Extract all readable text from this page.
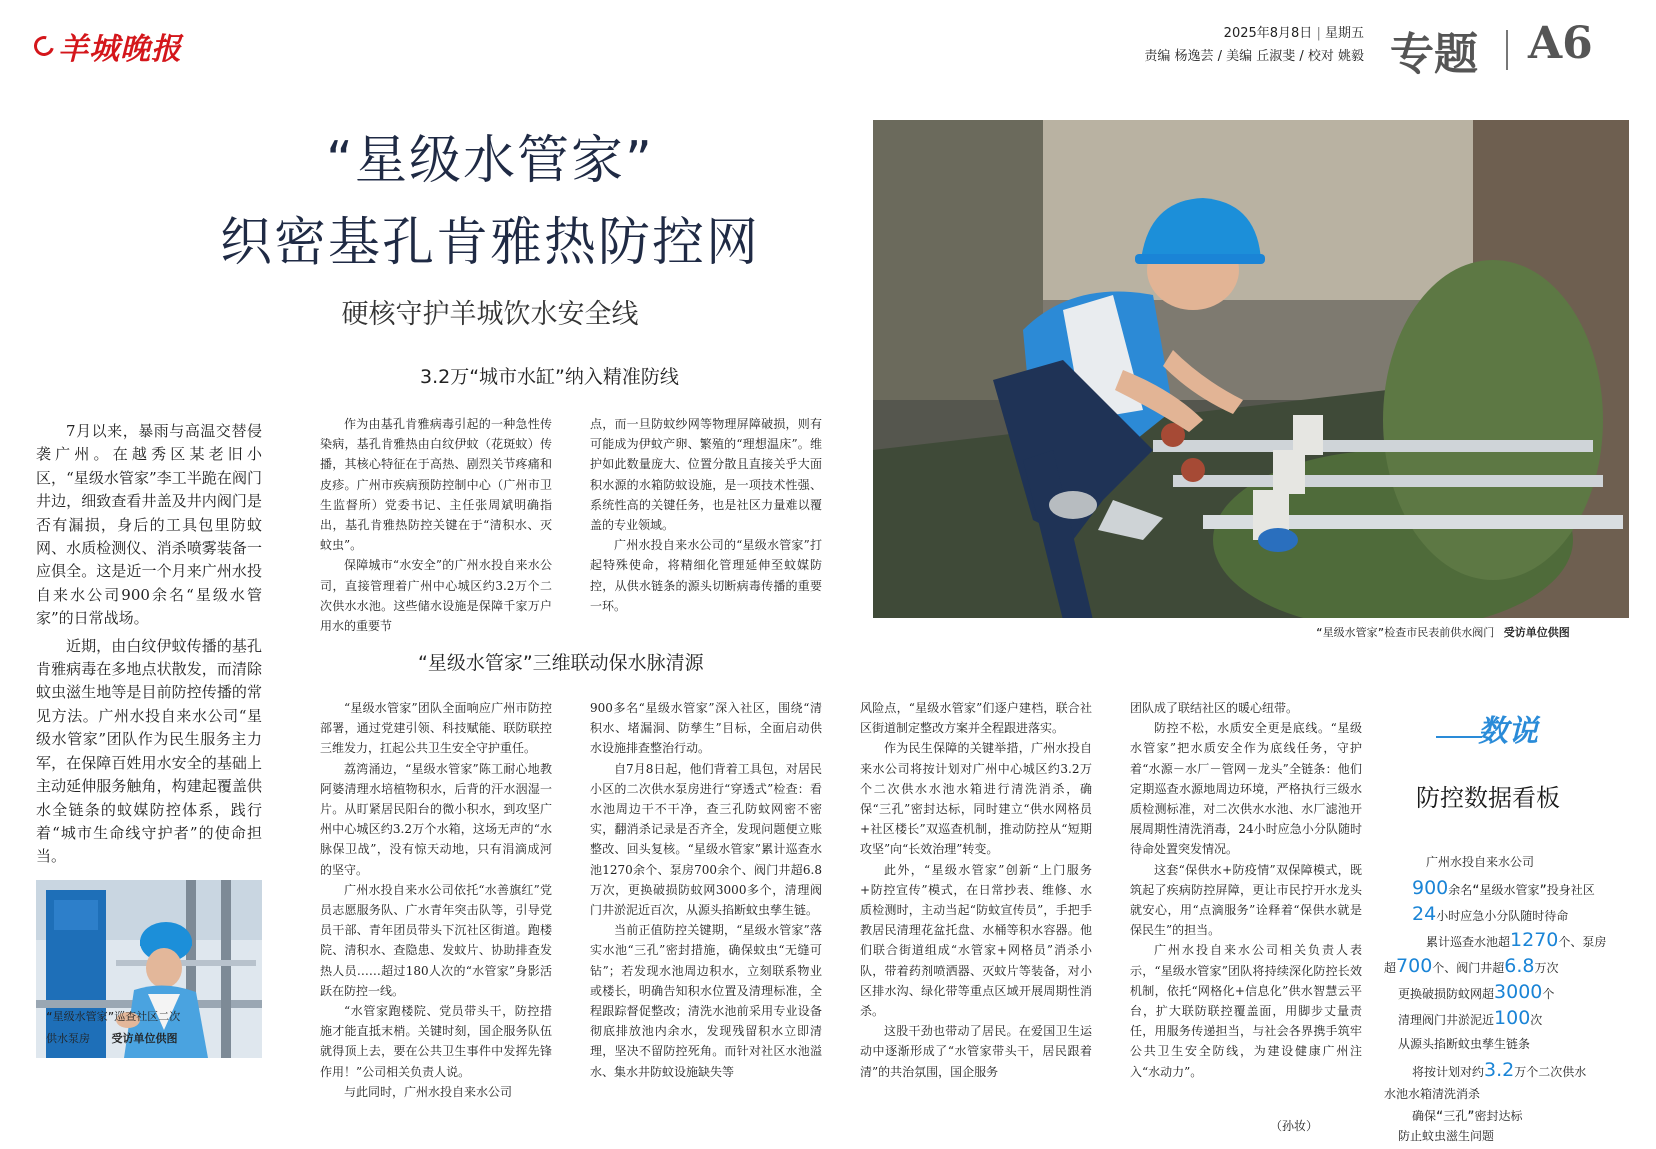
羊城晚报	2025年8月8日 | 星期五
责编 杨逸芸 / 美编 丘淑斐 / 校对 姚毅 专题 A6
“星级水管家”
织密基孔肯雅热防控网
硬核守护羊城饮水安全线
3.2万“城市水缸”纳入精准防线

7月以来，暴雨与高温交替侵袭广州。在越秀区某老旧小区，“星级水管家”李工半跪在阀门井边，细致查看井盖及井内阀门是否有漏损，身后的工具包里防蚊网、水质检测仪、消杀喷雾装备一应俱全。这是近一个月来广州水投自来水公司900余名“星级水管家”的日常战场。

近期，由白纹伊蚊传播的基孔肯雅病毒在多地点状散发，而清除蚊虫滋生地等是目前防控传播的常见方法。广州水投自来水公司“星级水管家”团队作为民生服务主力军，在保障百姓用水安全的基础上主动延伸服务触角，构建起覆盖供水全链条的蚊媒防控体系，践行着“城市生命线守护者”的使命担当。

“星级水管家”巡查社区二次
供水泵房 受访单位供图

作为由基孔肯雅病毒引起的一种急性传染病，基孔肯雅热由白纹伊蚊（花斑蚊）传播，其核心特征在于高热、剧烈关节疼痛和皮疹。广州市疾病预防控制中心（广州市卫生监督所）党委书记、主任张周斌明确指出，基孔肯雅热防控关键在于“清积水、灭蚊虫”。

保障城市“水安全”的广州水投自来水公司，直接管理着广州中心城区约3.2万个二次供水水池。这些储水设施是保障千家万户用水的重要节

点，而一旦防蚊纱网等物理屏障破损，则有可能成为伊蚊产卵、繁殖的“理想温床”。维护如此数量庞大、位置分散且直接关乎大面积水源的水箱防蚊设施，是一项技术性强、系统性高的关键任务，也是社区力量难以覆盖的专业领域。

广州水投自来水公司的“星级水管家”打起特殊使命，将精细化管理延伸至蚊媒防控，从供水链条的源头切断病毒传播的重要一环。

“星级水管家”检查市民表前供水阀门 受访单位供图
“星级水管家”三维联动保水脉清源

“星级水管家”团队全面响应广州市防控部署，通过党建引领、科技赋能、联防联控三维发力，扛起公共卫生安全守护重任。

荔湾涌边，“星级水管家”陈工耐心地教阿婆清理水培植物积水，后背的汗水洇湿一片。从盯紧居民阳台的微小积水，到攻坚广州中心城区约3.2万个水箱，这场无声的“水脉保卫战”，没有惊天动地，只有涓滴成河的坚守。

广州水投自来水公司依托“水善旗红”党员志愿服务队、广水青年突击队等，引导党员干部、青年团员带头下沉社区街道。跑楼院、清积水、查隐患、发蚊片、协助排查发热人员……超过180人次的“水管家”身影活跃在防控一线。

“水管家跑楼院、党员带头干，防控措施才能直抵末梢。关键时刻，国企服务队伍就得顶上去，要在公共卫生事件中发挥先锋作用！”公司相关负责人说。

与此同时，广州水投自来水公司

900多名“星级水管家”深入社区，围绕“清积水、堵漏洞、防孳生”目标，全面启动供水设施排查整治行动。

自7月8日起，他们背着工具包，对居民小区的二次供水泵房进行“穿透式”检查：看水池周边干不干净，查三孔防蚊网密不密实，翻消杀记录是否齐全，发现问题便立账整改、回头复核。“星级水管家”累计巡查水池1270余个、泵房700余个、阀门井超6.8万次，更换破损防蚊网3000多个，清理阀门井淤泥近百次，从源头掐断蚊虫孳生链。

当前正值防控关键期，“星级水管家”落实水池“三孔”密封措施，确保蚊虫“无缝可钻”；若发现水池周边积水，立刻联系物业或楼长，明确告知积水位置及清理标准，全程跟踪督促整改；清洗水池前采用专业设备彻底排放池内余水，发现残留积水立即清理，坚决不留防控死角。而针对社区水池溢水、集水井防蚊设施缺失等

风险点，“星级水管家”们逐户建档，联合社区街道制定整改方案并全程跟进落实。

作为民生保障的关键举措，广州水投自来水公司将按计划对广州中心城区约3.2万个二次供水水池水箱进行清洗消杀，确保“三孔”密封达标，同时建立“供水网格员+社区楼长”双巡查机制，推动防控从“短期攻坚”向“长效治理”转变。

此外，“星级水管家”创新“上门服务+防控宣传”模式，在日常抄表、维修、水质检测时，主动当起“防蚊宣传员”，手把手教居民清理花盆托盘、水桶等积水容器。他们联合街道组成“水管家+网格员”消杀小队，带着药剂喷洒器、灭蚊片等装备，对小区排水沟、绿化带等重点区域开展周期性消杀。

这股干劲也带动了居民。在爱国卫生运动中逐渐形成了“水管家带头干，居民跟着清”的共治氛围，国企服务

团队成了联结社区的暖心纽带。

防控不松，水质安全更是底线。“星级水管家”把水质安全作为底线任务，守护着“水源－水厂－管网－龙头”全链条：他们定期巡查水源地周边环境，严格执行三级水质检测标准，对二次供水水池、水厂滤池开展周期性清洗消毒，24小时应急小分队随时待命处置突发情况。

这套“保供水+防疫情”双保障模式，既筑起了疾病防控屏障，更让市民拧开水龙头就安心，用“点滴服务”诠释着“保供水就是保民生”的担当。

广州水投自来水公司相关负责人表示，“星级水管家”团队将持续深化防控长效机制，依托“网格化+信息化”供水智慧云平台，扩大联防联控覆盖面，用脚步丈量责任，用服务传递担当，与社会各界携手筑牢公共卫生安全防线，为建设健康广州注入“水动力”。

（孙妆）
数说
防控数据看板
广州水投自来水公司
900余名“星级水管家”投身社区
24小时应急小分队随时待命
累计巡查水池超1270个、泵房
超700个、阀门井超6.8万次
更换破损防蚊网超3000个
清理阀门井淤泥近100次
从源头掐断蚊虫孳生链条
将按计划对约3.2万个二次供水
水池水箱清洗消杀
确保“三孔”密封达标
防止蚊虫滋生问题
